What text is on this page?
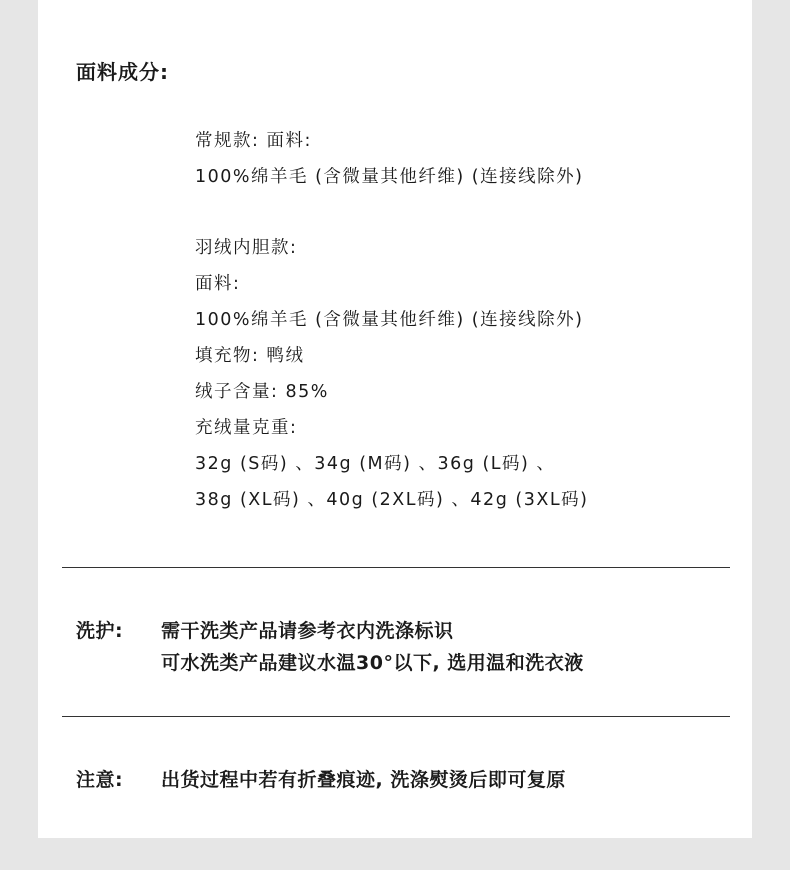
面料成分:
常规款: 面料:
100%绵羊毛 (含微量其他纤维) (连接线除外)
羽绒内胆款:
面料:
100%绵羊毛 (含微量其他纤维) (连接线除外)
填充物: 鸭绒
绒子含量: 85%
充绒量克重:
32g (S码) 、34g (M码) 、36g (L码) 、
38g (XL码) 、40g (2XL码) 、42g (3XL码)
洗护: 需干洗类产品请参考衣内洗涤标识
可水洗类产品建议水温30°以下, 选用温和洗衣液
注意: 出货过程中若有折叠痕迹, 洗涤熨烫后即可复原
